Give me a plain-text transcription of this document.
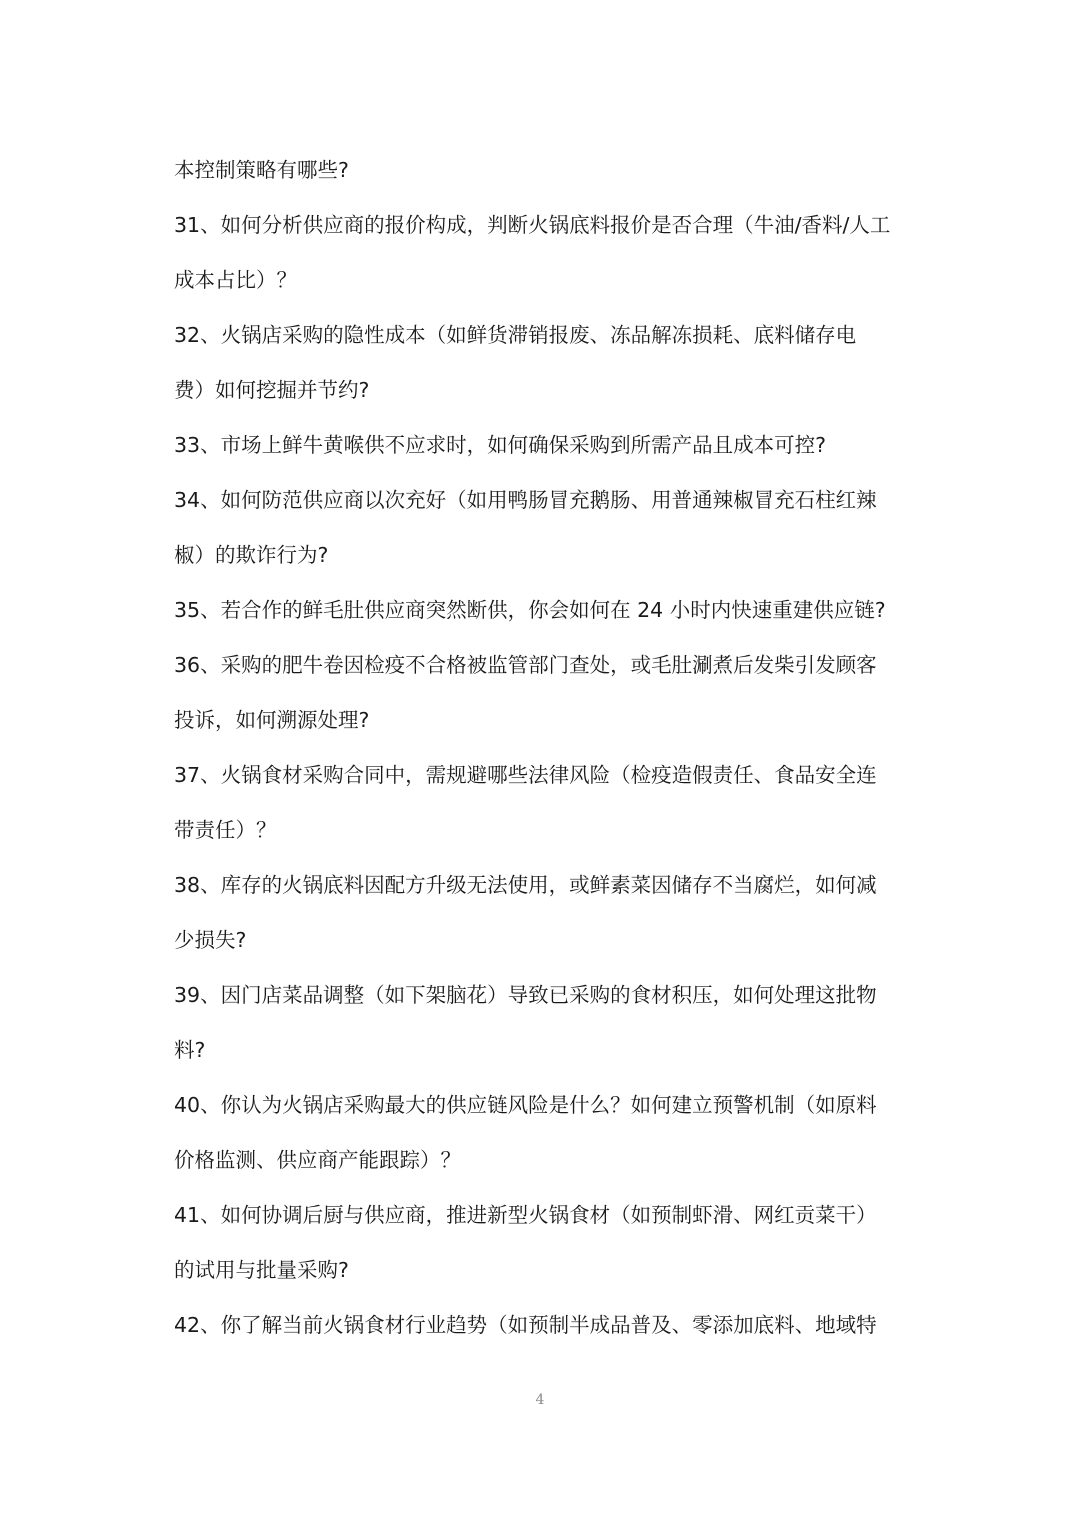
本控制策略有哪些?
31、如何分析供应商的报价构成，判断火锅底料报价是否合理（牛油/香料/人工
成本占比）？
32、火锅店采购的隐性成本（如鲜货滞销报废、冻品解冻损耗、底料储存电
费）如何挖掘并节约?
33、市场上鲜牛黄喉供不应求时，如何确保采购到所需产品且成本可控?
34、如何防范供应商以次充好（如用鸭肠冒充鹅肠、用普通辣椒冒充石柱红辣
椒）的欺诈行为?
35、若合作的鲜毛肚供应商突然断供，你会如何在 24 小时内快速重建供应链?
36、采购的肥牛卷因检疫不合格被监管部门查处，或毛肚涮煮后发柴引发顾客
投诉，如何溯源处理?
37、火锅食材采购合同中，需规避哪些法律风险（检疫造假责任、食品安全连
带责任）？
38、库存的火锅底料因配方升级无法使用，或鲜素菜因储存不当腐烂，如何减
少损失?
39、因门店菜品调整（如下架脑花）导致已采购的食材积压，如何处理这批物
料?
40、你认为火锅店采购最大的供应链风险是什么？如何建立预警机制（如原料
价格监测、供应商产能跟踪）？
41、如何协调后厨与供应商，推进新型火锅食材（如预制虾滑、网红贡菜干）
的试用与批量采购?
42、你了解当前火锅食材行业趋势（如预制半成品普及、零添加底料、地域特
4
